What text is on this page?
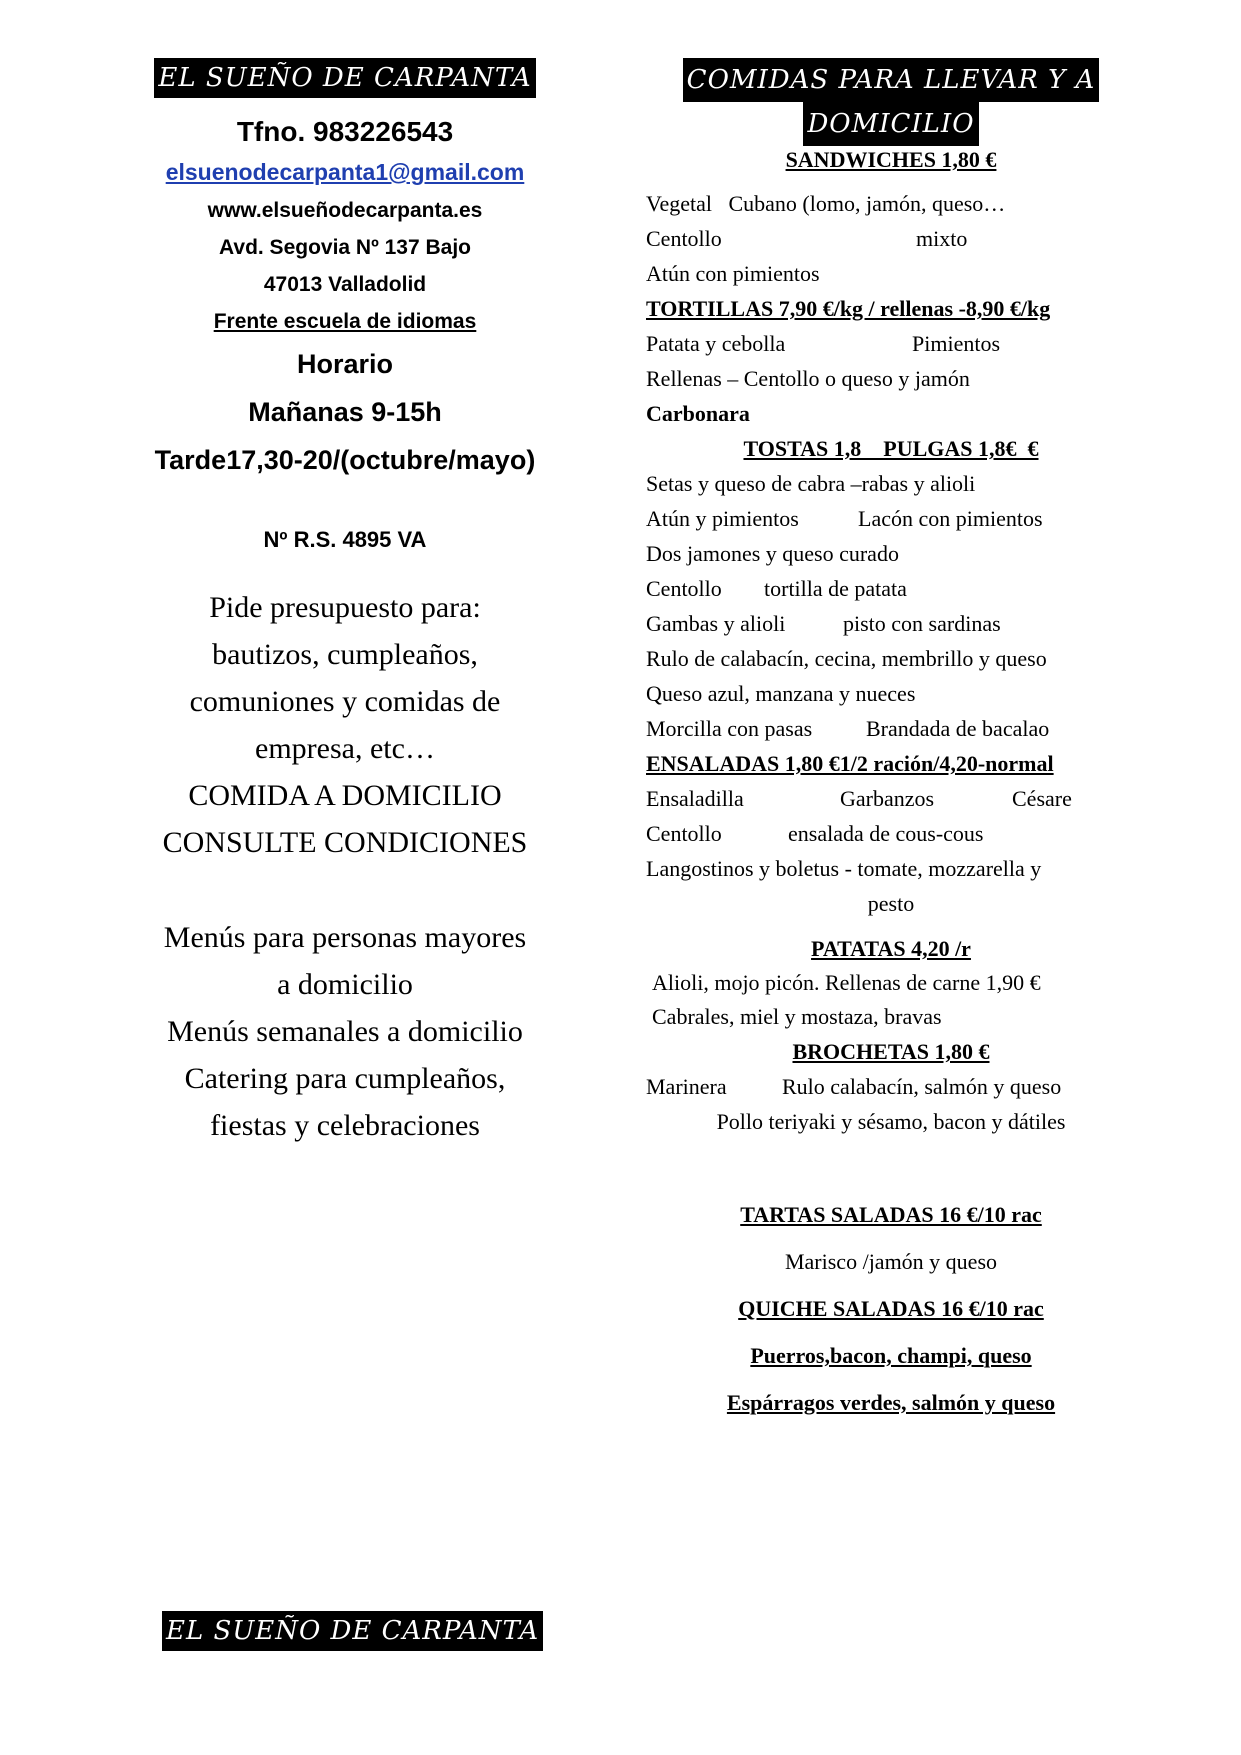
EL SUEÑO DE CARPANTA
Tfno. 983226543
elsuenodecarpanta1@gmail.com
www.elsueñodecarpanta.es
Avd. Segovia Nº 137 Bajo
47013 Valladolid
Frente escuela de idiomas
Horario
Mañanas 9-15h
Tarde17,30-20/(octubre/mayo)
Nº R.S. 4895 VA
Pide presupuesto para:
bautizos, cumpleaños,
comuniones y comidas de
empresa, etc…
COMIDA A DOMICILIO
CONSULTE CONDICIONES
Menús para personas mayores
a domicilio
Menús semanales a domicilio
Catering para cumpleaños,
fiestas y celebraciones
COMIDAS PARA LLEVAR Y A
DOMICILIO
SANDWICHES 1,80 €
Vegetal Cubano (lomo, jamón, queso…
Centollo	mixto
Atún con pimientos
TORTILLAS 7,90 €/kg / rellenas -8,90 €/kg
Patata y cebolla	Pimientos
Rellenas – Centollo o queso y jamón
Carbonara
TOSTAS 1,8    PULGAS 1,8€  €
Setas y queso de cabra –rabas y alioli
Atún y pimientos	Lacón con pimientos
Dos jamones y queso curado
Centollo tortilla de patata
Gambas y alioli	pisto con sardinas
Rulo de calabacín, cecina, membrillo y queso
Queso azul, manzana y nueces
Morcilla con pasas Brandada de bacalao
ENSALADAS 1,80 €1/2 ración/4,20-normal
Ensaladilla	Garbanzos	Césare
Centollo	ensalada de cous-cous
Langostinos y boletus - tomate, mozzarella y
pesto
PATATAS 4,20 /r
Alioli, mojo picón. Rellenas de carne 1,90 €
Cabrales, miel y mostaza, bravas
BROCHETAS 1,80 €
Marinera	Rulo calabacín, salmón y queso
Pollo teriyaki y sésamo, bacon y dátiles
TARTAS SALADAS 16 €/10 rac
Marisco /jamón y queso
QUICHE SALADAS 16 €/10 rac
Puerros,bacon, champi, queso
Espárragos verdes, salmón y queso
EL SUEÑO DE CARPANTA
